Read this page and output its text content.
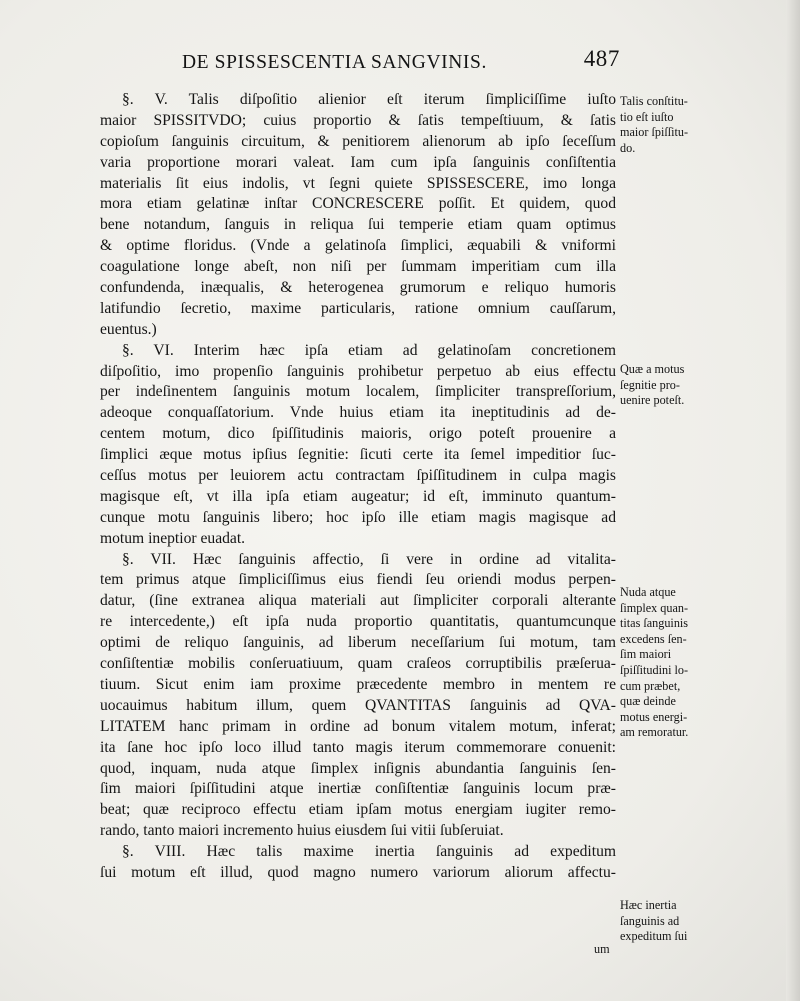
DE SPISSESCENTIA SANGVINIS.	487
§. V. Talis diſpoſitio alienior eſt iterum ſimpliciſſime iuſto
maior SPISSITVDO; cuius proportio & ſatis tempeſtiuum, & ſatis
copioſum ſanguinis circuitum, & penitiorem alienorum ab ipſo ſeceſſum
varia proportione morari valeat. Iam cum ipſa ſanguinis conſiſtentia
materialis ſit eius indolis, vt ſegni quiete SPISSESCERE, imo longa
mora etiam gelatinæ inſtar CONCRESCERE poſſit. Et quidem, quod
bene notandum, ſanguis in reliqua ſui temperie etiam quam optimus
& optime floridus. (Vnde a gelatinoſa ſimplici, æquabili & vniformi
coagulatione longe abeſt, non niſi per ſummam imperitiam cum illa
confundenda, inæqualis, & heterogenea grumorum e reliquo humoris
latifundio ſecretio, maxime particularis, ratione omnium cauſſarum,
euentus.)
§. VI. Interim hæc ipſa etiam ad gelatinoſam concretionem
diſpoſitio, imo propenſio ſanguinis prohibetur perpetuo ab eius effectu
per indeſinentem ſanguinis motum localem, ſimpliciter transpreſſorium,
adeoque conquaſſatorium. Vnde huius etiam ita ineptitudinis ad de-
centem motum, dico ſpiſſitudinis maioris, origo poteſt prouenire a
ſimplici æque motus ipſius ſegnitie: ſicuti certe ita ſemel impeditior ſuc-
ceſſus motus per leuiorem actu contractam ſpiſſitudinem in culpa magis
magisque eſt, vt illa ipſa etiam augeatur; id eſt, imminuto quantum-
cunque motu ſanguinis libero; hoc ipſo ille etiam magis magisque ad
motum ineptior euadat.
§. VII. Hæc ſanguinis affectio, ſi vere in ordine ad vitalita-
tem primus atque ſimpliciſſimus eius fiendi ſeu oriendi modus perpen-
datur, (ſine extranea aliqua materiali aut ſimpliciter corporali alterante
re intercedente,) eſt ipſa nuda proportio quantitatis, quantumcunque
optimi de reliquo ſanguinis, ad liberum neceſſarium ſui motum, tam
conſiſtentiæ mobilis conſeruatiuum, quam craſeos corruptibilis præſerua-
tiuum. Sicut enim iam proxime præcedente membro in mentem re
uocauimus habitum illum, quem QVANTITAS ſanguinis ad QVA-
LITATEM hanc primam in ordine ad bonum vitalem motum, inferat;
ita ſane hoc ipſo loco illud tanto magis iterum commemorare conuenit:
quod, inquam, nuda atque ſimplex inſignis abundantia ſanguinis ſen-
ſim maiori ſpiſſitudini atque inertiæ conſiſtentiæ ſanguinis locum præ-
beat; quæ reciproco effectu etiam ipſam motus energiam iugiter remo-
rando, tanto maiori incremento huius eiusdem ſui vitii ſubſeruiat.
§. VIII. Hæc talis maxime inertia ſanguinis ad expeditum
ſui motum eſt illud, quod magno numero variorum aliorum affectu-
Talis conſtitu-
tio eſt iuſto
maior ſpiſſitu-
do.
Quæ a motus
ſegnitie pro-
uenire poteſt.
Nuda atque
ſimplex quan-
titas ſanguinis
excedens ſen-
ſim maiori
ſpiſſitudini lo-
cum præbet,
quæ deinde
motus energi-
am remoratur.
Hæc inertia
ſanguinis ad
expeditum ſui
um
